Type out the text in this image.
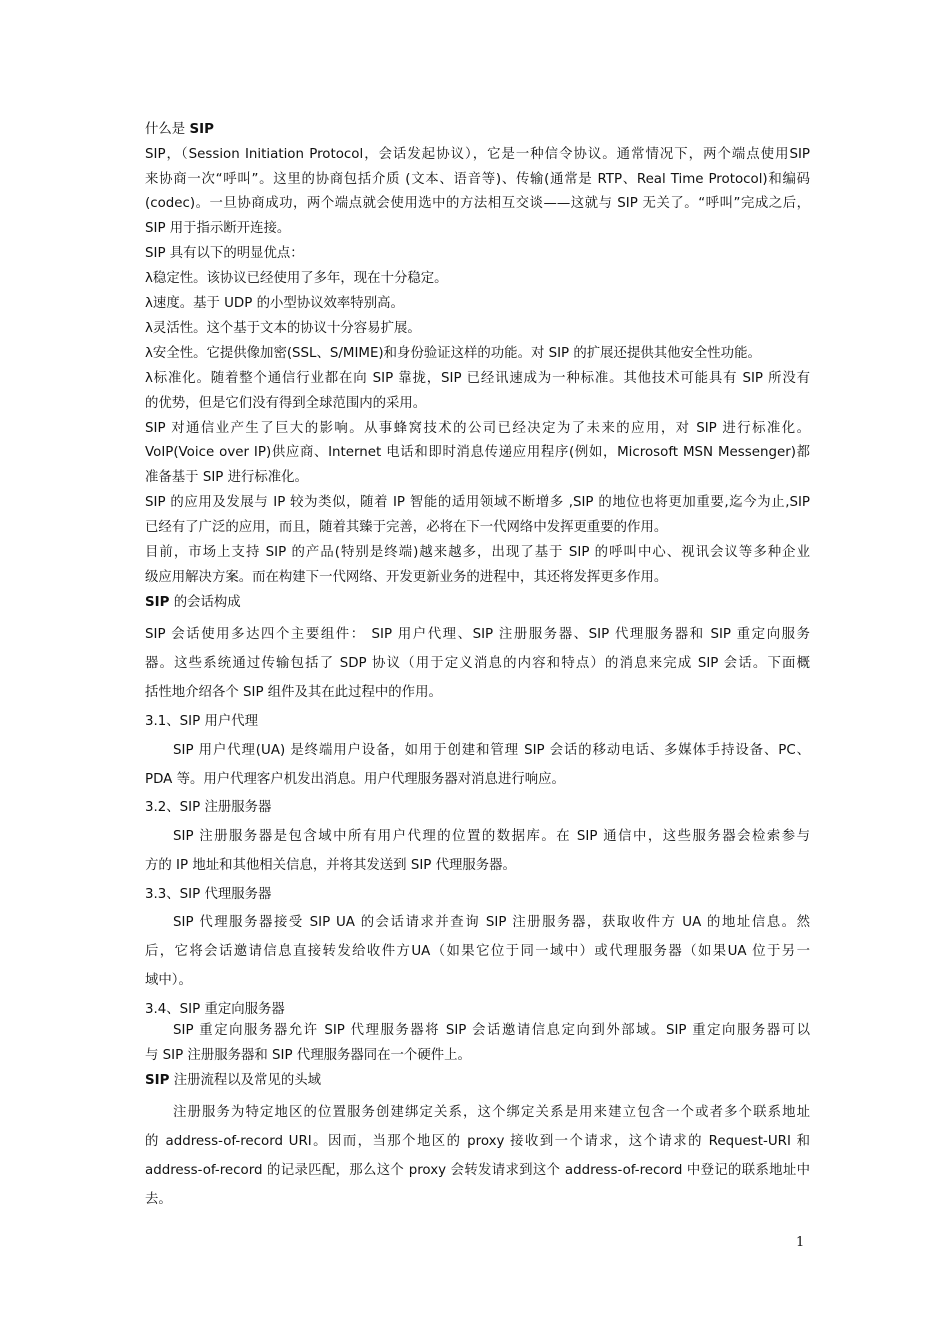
什么是 SIP
SIP，（Session Initiation Protocol，会话发起协议），它是一种信令协议。通常情况下，两个端点使用SIP
来协商一次“呼叫”。这里的协商包括介质 (文本、语音等)、传输(通常是 RTP、Real Time Protocol)和编码
(codec)。一旦协商成功，两个端点就会使用选中的方法相互交谈——这就与 SIP 无关了。“呼叫”完成之后，
SIP 用于指示断开连接。
SIP 具有以下的明显优点：
λ稳定性。该协议已经使用了多年，现在十分稳定。
λ速度。基于 UDP 的小型协议效率特别高。
λ灵活性。这个基于文本的协议十分容易扩展。
λ安全性。它提供像加密(SSL、S/MIME)和身份验证这样的功能。对 SIP 的扩展还提供其他安全性功能。
λ标准化。随着整个通信行业都在向 SIP 靠拢，SIP 已经讯速成为一种标准。其他技术可能具有 SIP 所没有
的优势，但是它们没有得到全球范围内的采用。
SIP 对通信业产生了巨大的影响。从事蜂窝技术的公司已经决定为了未来的应用，对 SIP 进行标准化。
VoIP(Voice over IP)供应商、Internet 电话和即时消息传递应用程序(例如，Microsoft MSN Messenger)都
准备基于 SIP 进行标准化。
SIP 的应用及发展与 IP 较为类似，随着 IP 智能的适用领域不断增多 ,SIP 的地位也将更加重要,迄今为止,SIP
已经有了广泛的应用，而且，随着其臻于完善，必将在下一代网络中发挥更重要的作用。
目前，市场上支持 SIP 的产品(特别是终端)越来越多，出现了基于 SIP 的呼叫中心、视讯会议等多种企业
级应用解决方案。而在构建下一代网络、开发更新业务的进程中，其还将发挥更多作用。
SIP 的会话构成
SIP 会话使用多达四个主要组件： SIP 用户代理、SIP 注册服务器、SIP 代理服务器和 SIP 重定向服务
器。这些系统通过传输包括了 SDP 协议（用于定义消息的内容和特点）的消息来完成 SIP 会话。下面概
括性地介绍各个 SIP 组件及其在此过程中的作用。
3.1、SIP 用户代理
SIP 用户代理(UA) 是终端用户设备，如用于创建和管理 SIP 会话的移动电话、多媒体手持设备、PC、
PDA 等。用户代理客户机发出消息。用户代理服务器对消息进行响应。
3.2、SIP 注册服务器
SIP 注册服务器是包含域中所有用户代理的位置的数据库。在 SIP 通信中，这些服务器会检索参与
方的 IP 地址和其他相关信息，并将其发送到 SIP 代理服务器。
3.3、SIP 代理服务器
SIP 代理服务器接受 SIP UA 的会话请求并查询 SIP 注册服务器，获取收件方 UA 的地址信息。然
后，它将会话邀请信息直接转发给收件方UA（如果它位于同一域中）或代理服务器（如果UA 位于另一
域中）。
3.4、SIP 重定向服务器
SIP 重定向服务器允许 SIP 代理服务器将 SIP 会话邀请信息定向到外部域。SIP 重定向服务器可以
与 SIP 注册服务器和 SIP 代理服务器同在一个硬件上。
SIP 注册流程以及常见的头域
注册服务为特定地区的位置服务创建绑定关系，这个绑定关系是用来建立包含一个或者多个联系地址
的 address-of-record URI。因而，当那个地区的 proxy 接收到一个请求，这个请求的 Request-URI 和
address-of-record 的记录匹配，那么这个 proxy 会转发请求到这个 address-of-record 中登记的联系地址中
去。
1
